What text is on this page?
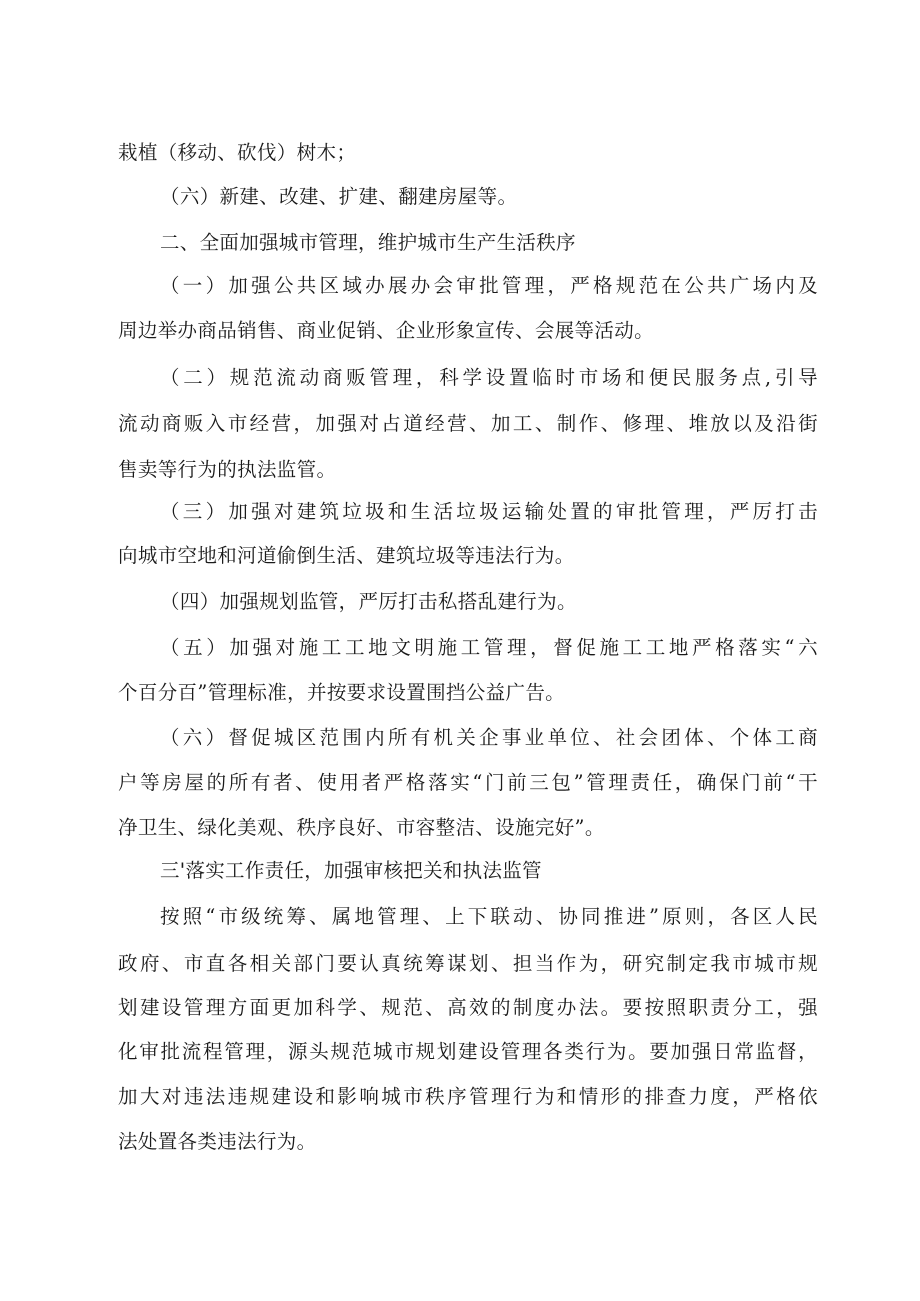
栽植（移动、砍伐）树木；
（六）新建、改建、扩建、翻建房屋等。
二、全面加强城市管理，维护城市生产生活秩序
（一）加强公共区域办展办会审批管理，严格规范在公共广场内及
周边举办商品销售、商业促销、企业形象宣传、会展等活动。
（二）规范流动商贩管理，科学设置临时市场和便民服务点,引导
流动商贩入市经营，加强对占道经营、加工、制作、修理、堆放以及沿街
售卖等行为的执法监管。
（三）加强对建筑垃圾和生活垃圾运输处置的审批管理，严厉打击
向城市空地和河道偷倒生活、建筑垃圾等违法行为。
（四）加强规划监管，严厉打击私搭乱建行为。
（五）加强对施工工地文明施工管理，督促施工工地严格落实“六
个百分百”管理标准，并按要求设置围挡公益广告。
（六）督促城区范围内所有机关企事业单位、社会团体、个体工商
户等房屋的所有者、使用者严格落实“门前三包”管理责任，确保门前“干
净卫生、绿化美观、秩序良好、市容整洁、设施完好”。
三'落实工作责任，加强审核把关和执法监管
按照“市级统筹、属地管理、上下联动、协同推进”原则，各区人民
政府、市直各相关部门要认真统筹谋划、担当作为，研究制定我市城市规
划建设管理方面更加科学、规范、高效的制度办法。要按照职责分工，强
化审批流程管理，源头规范城市规划建设管理各类行为。要加强日常监督，
加大对违法违规建设和影响城市秩序管理行为和情形的排查力度，严格依
法处置各类违法行为。
